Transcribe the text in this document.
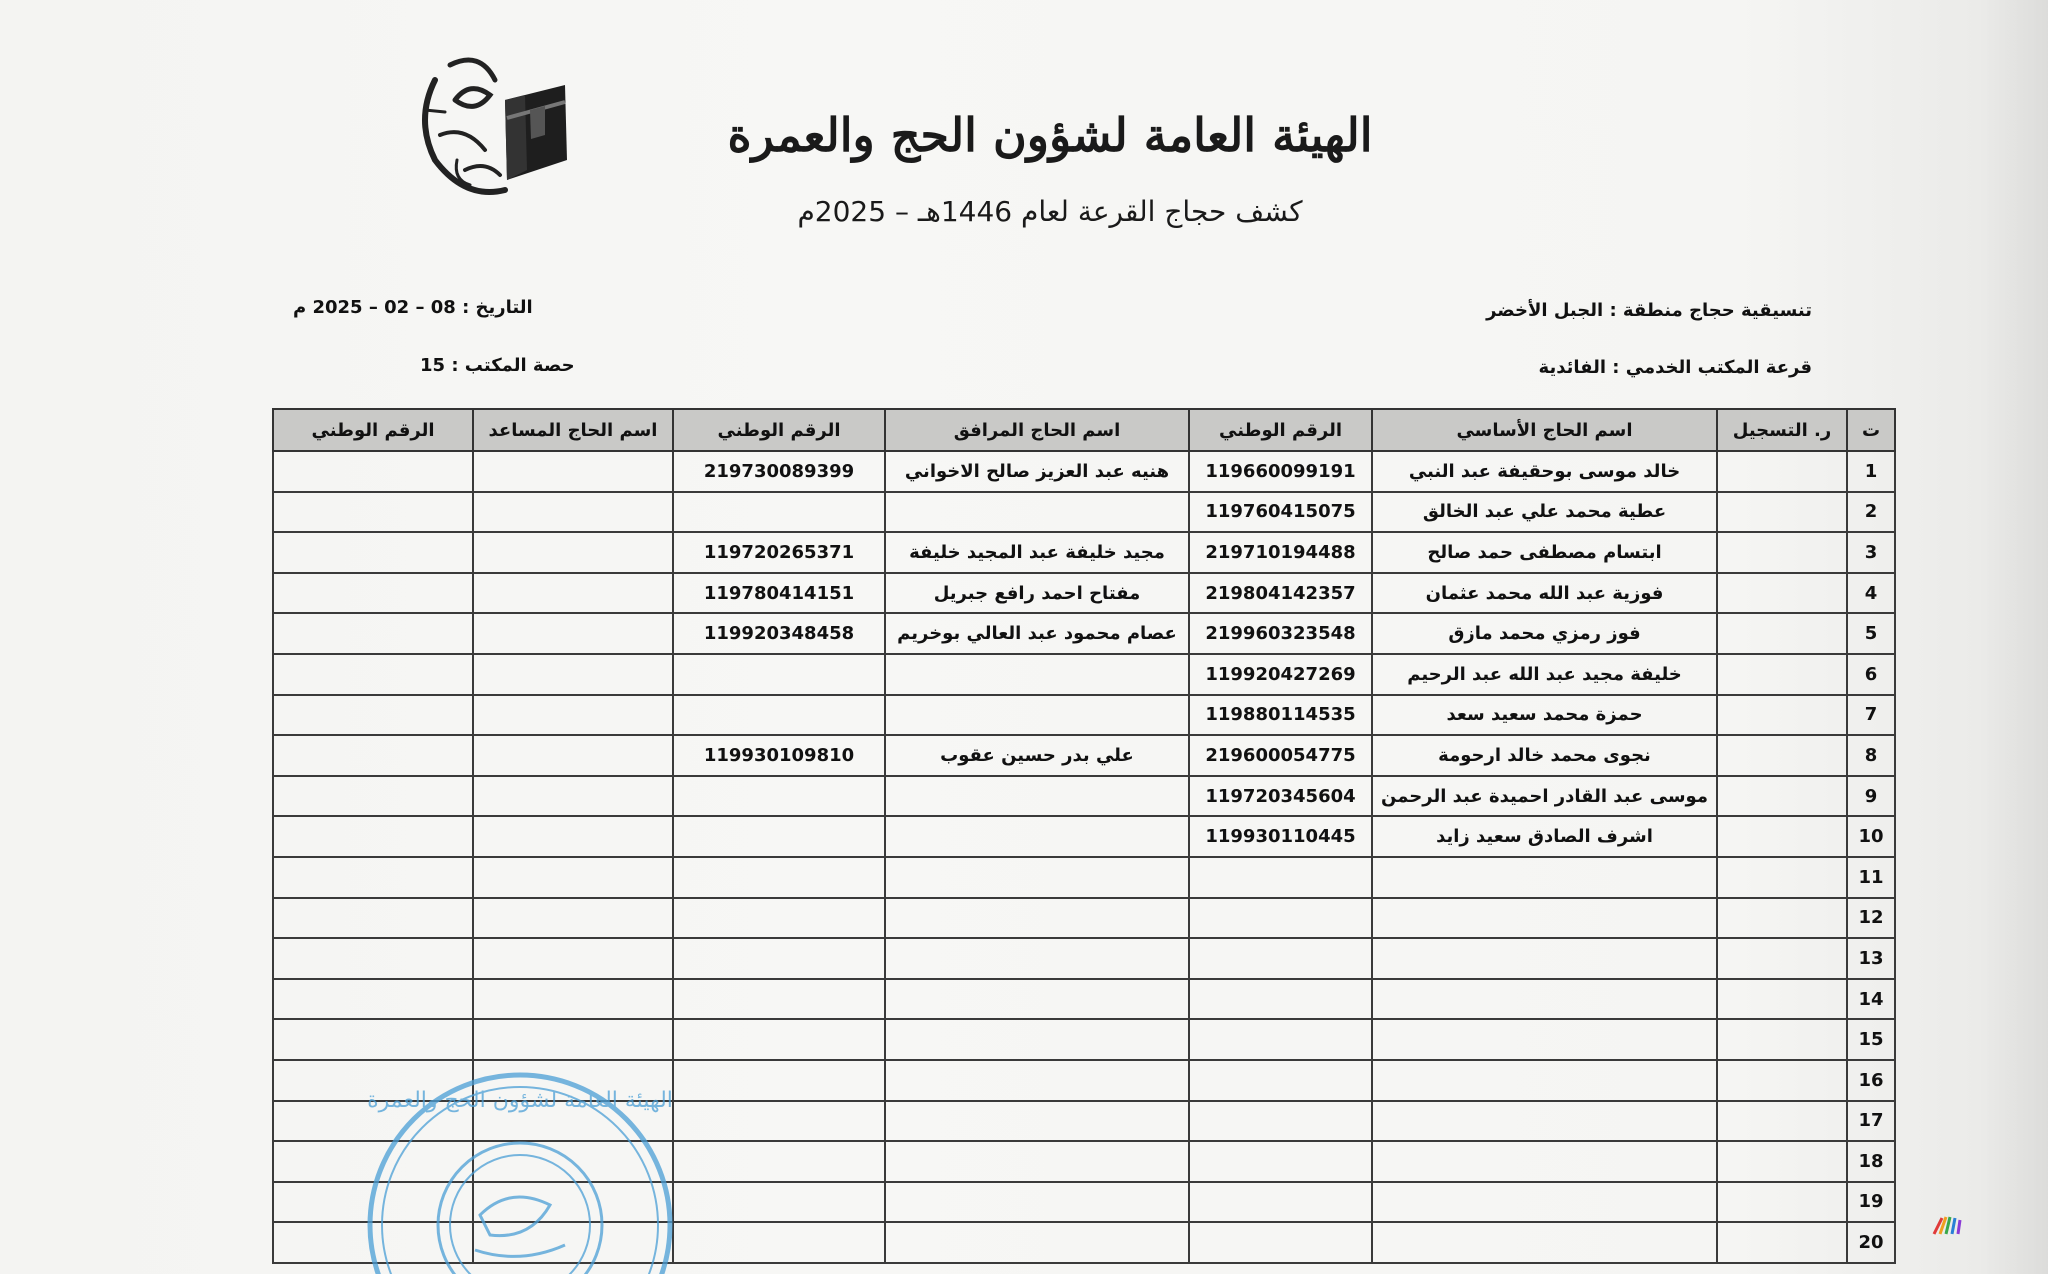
الهيئة العامة لشؤون الحج والعمرة
كشف حجاج القرعة لعام 1446هـ – 2025م
تنسيقية حجاج منطقة : الجبل الأخضر
قرعة المكتب الخدمي : الفائدية
التاريخ : 08 – 02 – 2025 م
حصة المكتب : 15
ت	ر. التسجيل	اسم الحاج الأساسي	الرقم الوطني	اسم الحاج المرافق	الرقم الوطني	اسم الحاج المساعد	الرقم الوطني
1		خالد موسى بوحقيفة عبد النبي	119660099191	هنيه عبد العزيز صالح الاخواني	219730089399		
2		عطية محمد علي عبد الخالق	119760415075				
3		ابتسام مصطفى حمد صالح	219710194488	مجيد خليفة عبد المجيد خليفة	119720265371		
4		فوزية عبد الله محمد عثمان	219804142357	مفتاح احمد رافع جبريل	119780414151		
5		فوز رمزي محمد مازق	219960323548	عصام محمود عبد العالي بوخريم	119920348458		
6		خليفة مجيد عبد الله عبد الرحيم	119920427269				
7		حمزة محمد سعيد سعد	119880114535				
8		نجوى محمد خالد ارحومة	219600054775	علي بدر حسين عقوب	119930109810		
9		موسى عبد القادر احميدة عبد الرحمن	119720345604				
10		اشرف الصادق سعيد زايد	119930110445				
11							
12							
13							
14							
15							
16							
17							
18							
19							
20							
الهيئة العامة لشؤون الحج والعمرة
